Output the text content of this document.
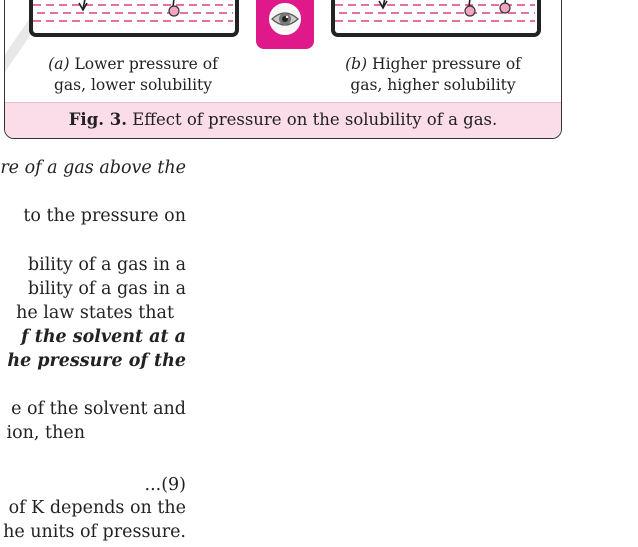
(a) Lower pressure of
gas, lower solubility
(b) Higher pressure of
gas, higher solubility
Fig. 3. Effect of pressure on the solubility of a gas.
re of a gas above the
to the pressure on
bility of a gas in a
bility of a gas in a
he law states that
f the solvent at a
he pressure of the
e of the solvent and
ion, then
...(9)
of K depends on the
he units of pressure.
